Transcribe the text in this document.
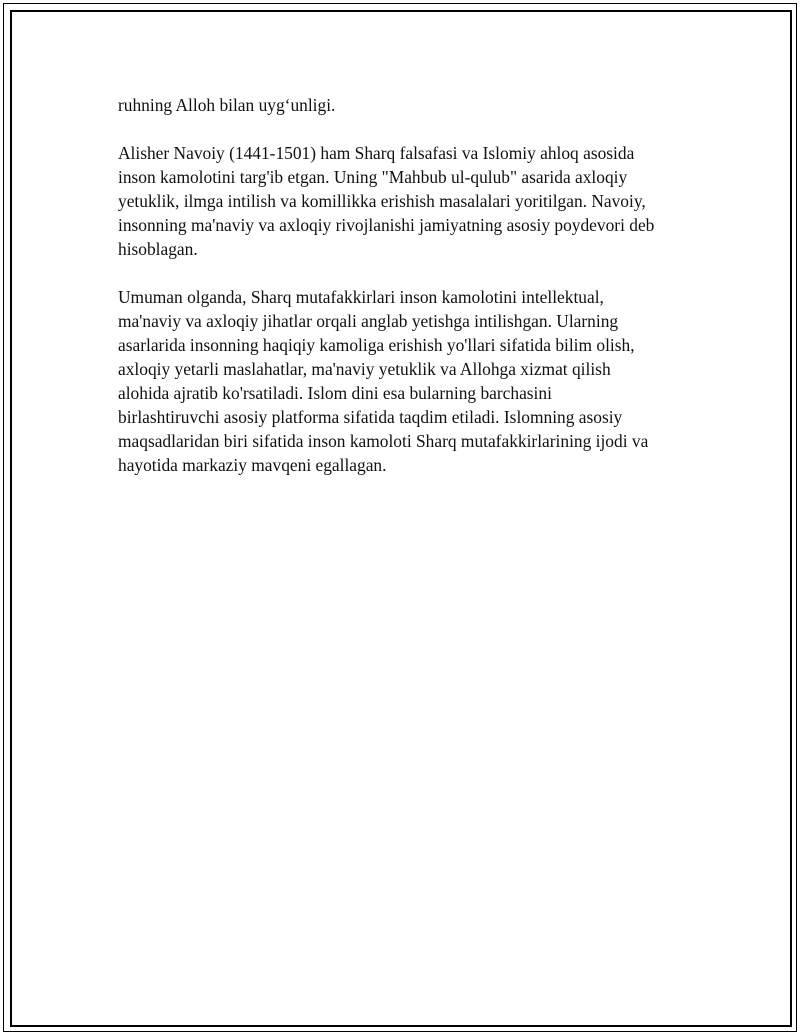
ruhning Alloh bilan uyg‘unligi.

Alisher Navoiy (1441-1501) ham Sharq falsafasi va Islomiy ahloq asosida
inson kamolotini targ'ib etgan. Uning "Mahbub ul-qulub" asarida axloqiy
yetuklik, ilmga intilish va komillikka erishish masalalari yoritilgan. Navoiy,
insonning ma'naviy va axloqiy rivojlanishi jamiyatning asosiy poydevori deb
hisoblagan.

Umuman olganda, Sharq mutafakkirlari inson kamolotini intellektual,
ma'naviy va axloqiy jihatlar orqali anglab yetishga intilishgan. Ularning
asarlarida insonning haqiqiy kamoliga erishish yo'llari sifatida bilim olish,
axloqiy yetarli maslahatlar, ma'naviy yetuklik va Allohga xizmat qilish
alohida ajratib ko'rsatiladi. Islom dini esa bularning barchasini
birlashtiruvchi asosiy platforma sifatida taqdim etiladi. Islomning asosiy
maqsadlaridan biri sifatida inson kamoloti Sharq mutafakkirlarining ijodi va
hayotida markaziy mavqeni egallagan.
